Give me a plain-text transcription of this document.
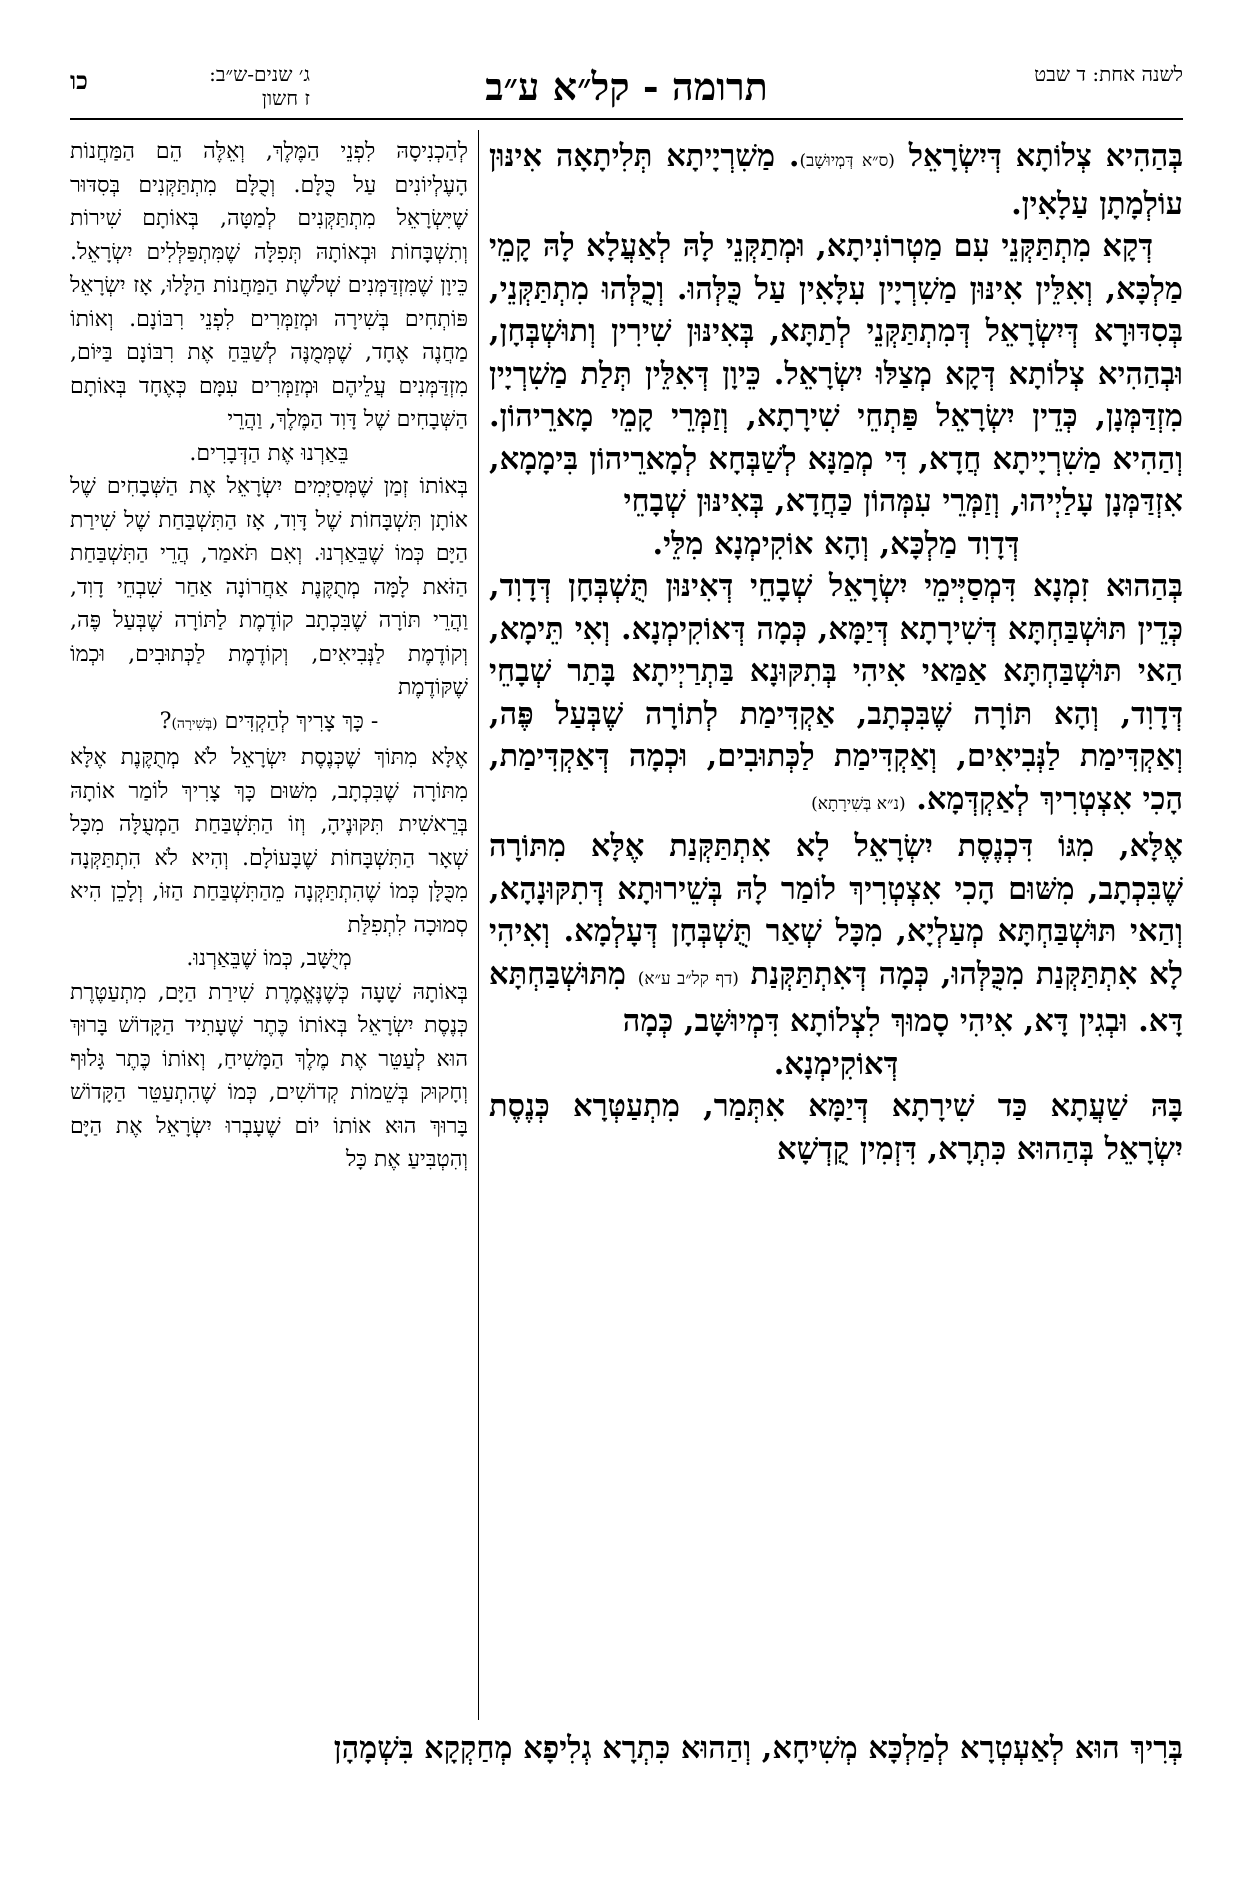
לשנה אחת: ד שבט
תרומה - קל״א ע״ב
ג׳ שנים-ש״ב:
ז חשון
כו

בְּהַהִיא צְלוֹתָא דְּיִשְׂרָאֵל (ס״א דְּמְיוּשָׁב). מַשִׁרְיָיתָא תְּלִיתָאָה אִינּוּן עוֹלְמָתָן עַלָאִין.

דְּקָא מִתְתַּקְּנֵי עִם מַטְרוֹנִיתָא, וּמְתַקְּנֵי לָהּ לְאַעֲלָא לָהּ קָמֵי מַלְכָּא, וְאִלֵּין אִינּוּן מַשִׁרְיָין עִלָּאִין עַל כֻּלְּהוּ. וְכֻלְּהוּ מִתְתַּקְּנֵי, בְּסִדּוּרָא דְּיִשְׂרָאֵל דְּמִתְתַּקְּנֵי לְתַתָּא, בְּאִינּוּן שִׁירִין וְתוּשְׁבְּחָן, וּבְהַהִיא צְלוֹתָא דְּקָא מְצַלּוּ יִשְׂרָאֵל. כֵּיוָן דְּאִלֵּין תְּלַת מַשִׁרְיָין מִזְדַּמְּנָן, כְּדֵין יִשְׂרָאֵל פַּתְחֵי שִׁירָתָא, וְזַמְּרֵי קָמֵי מָארֵיהוֹן. וְהַהִיא מַשִׁרְיָיתָא חֲדָא, דִּי מְמַנָּא לְשַׁבְּחָא לְמָארֵיהוֹן בִּימָמָא, אִזְדַּמְּנָן עָלַיְיהוּ, וְזַמְּרֵי עִמְּהוֹן כַּחֲדָא, בְּאִינּוּן שְׁבָחֵי

דְּדָוִד מַלְכָּא, וְהָא אוֹקִימְנָא מִלֵּי.

בְּהַהוּא זִמְנָא דִּמְסַיְּימֵי יִשְׂרָאֵל שְׁבָחֵי דְּאִינּוּן תֻּשְׁבְּחָן דְּדָוִד, כְּדֵין תּוּשְׁבַּחְתָּא דְּשִׁירָתָא דְּיַמָּא, כְּמָה דְּאוֹקִימְנָא. וְאִי תֵּימָא, הַאי תּוּשְׁבַּחְתָּא אַמַּאי אִיהִי בְּתִקּוּנָא בַּתְרַיְיתָא בָּתַר שְׁבָחֵי דְּדָוִד, וְהָא תּוֹרָה שֶׁבִּכְתָב, אַקְדִּימַת לְתוֹרָה שֶׁבְּעַל פֶּה, וְאַקְדִּימַת לַנְּבִיאִים, וְאַקְדִּימַת לַכְּתוּבִים, וּכְמָה דְּאַקְדִּימַת, הָכִי אִצְטְרִיךְ לְאַקְדְּמָא. (נ״א בְּשִׁירָתָא)

אֶלָּא, מִגּוֹ דִּכְנֶסֶת יִשְׂרָאֵל לָא אִתְתַּקְּנַת אֶלָּא מִתּוֹרָה שֶׁבִּכְתָב, מִשּׁוּם הָכִי אִצְטְרִיךְ לוֹמַר לָהּ בְּשֵׁירוּתָא דְּתִקּוּנָהָא, וְהַאי תּוּשְׁבַּחְתָּא מְעַלְיָא, מִכָּל שְׁאַר תֻּשְׁבְּחָן דְּעָלְמָא. וְאִיהִי לָא אִתְתַּקְּנַת מִכֻּלְּהוּ, כְּמָה דְּאִתְתַּקְּנַת (דף קל״ב ע״א) מִתּוּשְׁבַּחְתָּא דָּא. וּבְגִין דָּא, אִיהִי סָמוּךְ לִצְלוֹתָא דִּמְיוּשָּׁב, כְּמָה

דְּאוֹקִימְנָא.

בָּהּ שַׁעֲתָא כַּד שִׁירָתָא דְּיַמָּא אִתְּמַר, מִתְעַטְּרָא כְּנֶסֶת יִשְׂרָאֵל בְּהַהוּא כִּתְרָא, דִּזְמִין קֻדְשָׁא

לְהַכְנִיסָהּ לִפְנֵי הַמֶּלֶךְ, וְאֵלֶּה הֵם הַמַּחֲנוֹת הָעֶלְיוֹנִים עַל כֻּלָּם. וְכֻלָּם מִתְתַּקְּנִים בְּסִדּוּר שֶׁיִּשְׂרָאֵל מִתְתַּקְּנִים לְמַטָּה, בְּאוֹתָם שִׁירוֹת וְתִשְׁבָּחוֹת וּבְאוֹתָהּ תְּפִלָּה שֶׁמִּתְפַּלְּלִים יִשְׂרָאֵל. כֵּיוָן שֶׁמִּזְדַּמְּנִים שְׁלֹשֶׁת הַמַּחֲנוֹת הַלָּלוּ, אָז יִשְׂרָאֵל פּוֹתְחִים בְּשִׁירָה וּמְזַמְּרִים לִפְנֵי רִבּוֹנָם. וְאוֹתוֹ מַחֲנֶה אֶחָד, שֶׁמְּמֻנֶּה לְשַׁבֵּחַ אֶת רִבּוֹנָם בַּיּוֹם, מִזְדַּמְּנִים עֲלֵיהֶם וּמְזַמְּרִים עִמָּם כְּאֶחָד בְּאוֹתָם הַשְּׁבָחִים שֶׁל דָּוִד הַמֶּלֶךְ, וַהֲרֵי

בֵּאַרְנוּ אֶת הַדְּבָרִים.

בְּאוֹתוֹ זְמַן שֶׁמְּסַיְּמִים יִשְׂרָאֵל אֶת הַשְּׁבָחִים שֶׁל אוֹתָן תִּשְׁבָּחוֹת שֶׁל דָּוִד, אָז הַתִּשְׁבַּחַת שֶׁל שִׁירַת הַיָּם כְּמוֹ שֶׁבֵּאַרְנוּ. וְאִם תֹּאמַר, הֲרֵי הַתִּשְׁבַּחַת הַזֹּאת לָמָּה מְתֻקֶּנֶת אַחֲרוֹנָה אַחַר שִׁבְחֵי דָוִד, וַהֲרֵי תּוֹרָה שֶׁבִּכְתָב קוֹדֶמֶת לַתּוֹרָה שֶׁבְּעַל פֶּה, וְקוֹדֶמֶת לַנְּבִיאִים, וְקוֹדֶמֶת לַכְּתוּבִים, וּכְמוֹ שֶׁקּוֹדֶמֶת

- כָּךְ צָרִיךְ לְהַקְדִּים (בְּשִׁירָה)?

אֶלָּא מִתּוֹךְ שֶׁכְּנֶסֶת יִשְׂרָאֵל לֹא מְתֻקֶּנֶת אֶלָּא מִתּוֹרָה שֶׁבִּכְתָב, מִשּׁוּם כָּךְ צָרִיךְ לוֹמַר אוֹתָהּ בְּרֵאשִׁית תִּקּוּנֶיהָ, וְזוֹ הַתִּשְׁבַּחַת הַמְעֻלָּה מִכָּל שְׁאָר הַתִּשְׁבָּחוֹת שֶׁבָּעוֹלָם. וְהִיא לֹא הִתְתַּקְּנָה מִכֻּלָּן כְּמוֹ שֶׁהִתְתַּקְּנָה מֵהַתִּשְׁבַּחַת הַזּוֹ, וְלָכֵן הִיא סְמוּכָה לִתְפִלַּת

מְיֻשָּׁב, כְּמוֹ שֶׁבֵּאַרְנוּ.

בְּאוֹתָהּ שָׁעָה כְּשֶׁנֶּאֱמֶרֶת שִׁירַת הַיָּם, מִתְעַטֶּרֶת כְּנֶסֶת יִשְׂרָאֵל בְּאוֹתוֹ כֶּתֶר שֶׁעָתִיד הַקָּדוֹשׁ בָּרוּךְ הוּא לְעַטֵּר אֶת מֶלֶךְ הַמָּשִׁיחַ, וְאוֹתוֹ כֶּתֶר גָּלוּף וְחָקוּק בְּשֵׁמוֹת קְדוֹשִׁים, כְּמוֹ שֶׁהִתְעַטֵּר הַקָּדוֹשׁ בָּרוּךְ הוּא אוֹתוֹ יוֹם שֶׁעָבְרוּ יִשְׂרָאֵל אֶת הַיָּם וְהִטְבִּיעַ אֶת כָּל

בְּרִיךְ הוּא לְאַעְטְרָא לְמַלְכָּא מְשִׁיחָא, וְהַהוּא כִּתְרָא גְלִיפָא מְחַקְקָא בִּשְׁמָהָן
